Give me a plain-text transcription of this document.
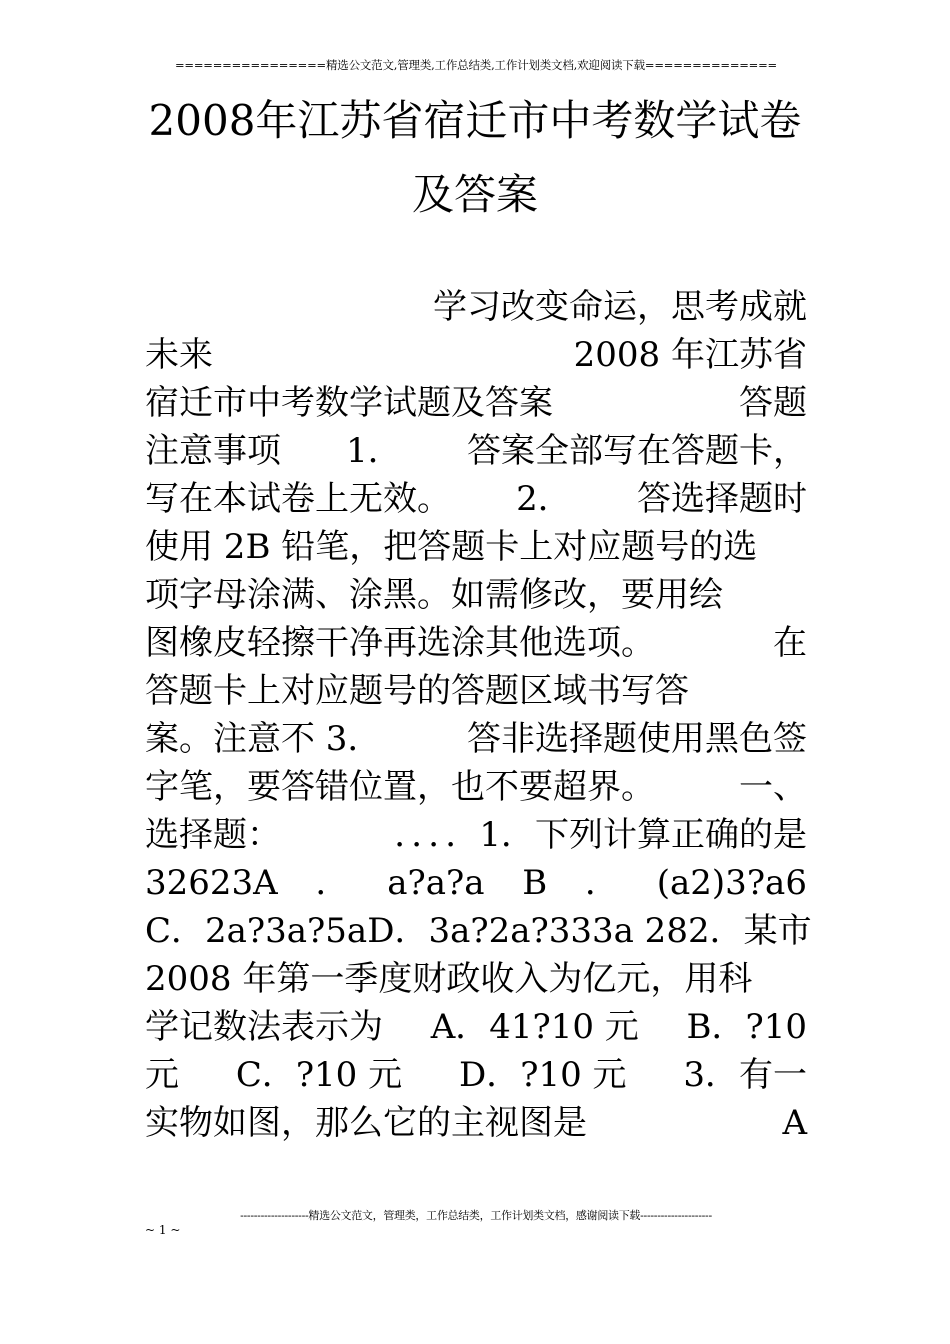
================精选公文范文,管理类,工作总结类,工作计划类文档,欢迎阅读下载==============
2008年江苏省宿迁市中考数学试卷
及答案
学习改变命运，思考成就
未来	2008 年江苏省
宿迁市中考数学试题及答案	答题
注意事项 1． 答案全部写在答题卡，
写在本试卷上无效。 2． 答选择题时
使用 2B 铅笔，把答题卡上对应题号的选
项字母涂满、涂黑。如需修改，要用绘
图橡皮轻擦干净再选涂其他选项。	在
答题卡上对应题号的答题区域书写答
案。注意不 3．	答非选择题使用黑色签
字笔，要答错位置，也不要超界。 一、
选择题：	．．．．1．下列计算正确的是
32623A ． a?a?a B ． (a2)3?a6
C．2a?3a?5a D．3a?2a?333a 282．某市
2008 年第一季度财政收入为亿元，用科
学记数法表示为 A．41?10 元 B．?10
元 C．?10 元 D．?10 元 3．有一
实物如图，那么它的主视图是	A
--------------------精选公文范文，管理类，工作总结类，工作计划类文档，感谢阅读下载---------------------
~ 1 ~
